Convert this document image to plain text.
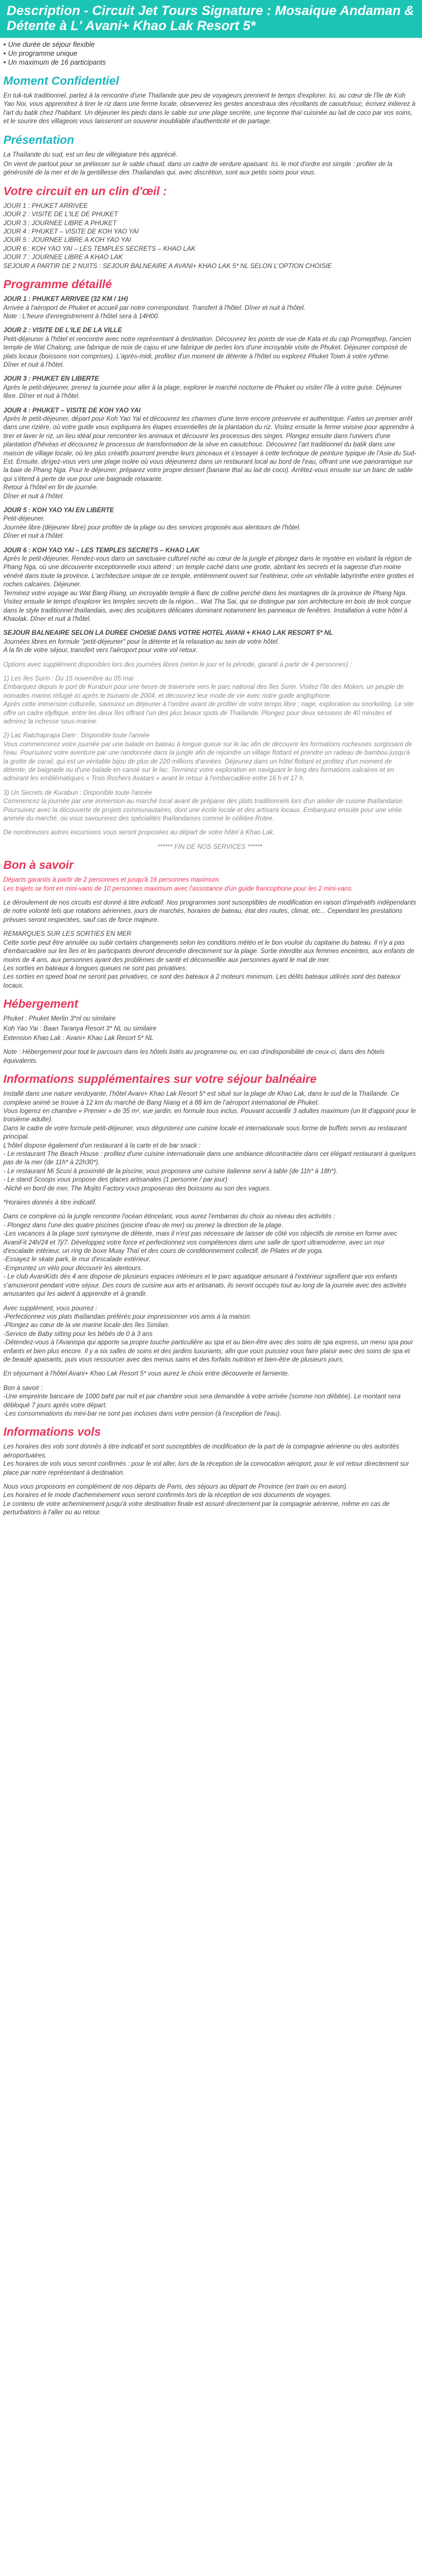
Description - Circuit Jet Tours Signature : Mosaique Andaman & Détente à L' Avani+ Khao Lak Resort 5*
• Une durée de séjour flexible
• Un programme unique
• Un maximum de 16 participants
Moment Confidentiel

En tuk-tuk traditionnel, partez à la rencontre d'une Thaïlande que peu de voyageurs prennent le temps d'explorer. Ici, au cœur de l'île de Koh Yao Noi, vous apprendrez à tirer le riz dans une ferme locale, observerez les gestes ancestraux des récoltants de caoutchouc, écrivez initierez à l'art du batik chez l'habitant. Un déjeuner les pieds dans le sable sur une plage secrète, une leçonne thaï cuisinée au lait de coco par vos soins, et le sourire des villageois vous laisseront un souvenir inoubliable d'authenticité et de partage.

Présentation

La Thaïlande du sud, est un lieu de villégiature très apprécié.

On vient de partout pour se prélasser sur le sable chaud, dans un cadre de verdure apaisant. Ici, le mot d'ordre est simple : profiter de la générosité de la mer et de la gentillesse des Thaïlandais qui, avec discrétion, sont aux petits soins pour vous.

Votre circuit en un clin d'œil :

JOUR 1 : PHUKET ARRIVEE

JOUR 2 : VISITE DE L'ILE DE PHUKET

JOUR 3 : JOURNEE LIBRE A PHUKET

JOUR 4 : PHUKET – VISITE DE KOH YAO YAI

JOUR 5 : JOURNEE LIBRE A KOH YAO YAI

JOUR 6 : KOH YAO YAI – LES TEMPLES SECRETS – KHAO LAK

JOUR 7 : JOURNEE LIBRE A KHAO LAK

SEJOUR A PARTIR DE 2 NUITS : SEJOUR BALNEAIRE A AVANI+ KHAO LAK 5* NL SELON L'OPTION CHOISIE

Programme détaillé

JOUR 1 : PHUKET ARRIVEE (32 KM / 1H)

Arrivée à l'aéroport de Phuket et accueil par notre correspondant. Transfert à l'hôtel. Dîner et nuit à l'hôtel.
Note : L'heure d'enregistrement à l'hôtel sera à 14H00.

JOUR 2 : VISITE DE L'ILE DE LA VILLE

Petit-déjeuner à l'hôtel et rencontre avec notre représentant à destination. Découvrez les points de vue de Kata et du cap Promepthep, l'ancien temple de Wat Chalong, une fabrique de noix de cajou et une fabrique de perles lors d'une incroyable visite de Phuket. Déjeuner composé de plats locaux (boissons non comprises). L'après-midi, profitez d'un moment de détente à l'hôtel ou explorez Phuket Town à votre rythme.
Dîner et nuit à l'hôtel.

JOUR 3 : PHUKET EN LIBERTE

Après le petit-déjeuner, prenez la journée pour aller à la plage, explorer le marché nocturne de Phuket ou visiter l'île à votre guise. Déjeuner libre. Dîner et nuit à l'hôtel.

JOUR 4 : PHUKET – VISITE DE KOH YAO YAI

Après le petit-déjeuner, départ pour Koh Yao Yai et découvrez les charmes d'une terre encore préservée et authentique. Faites un premier arrêt dans une rizière, où votre guide vous expliquera les étapes essentielles de la plantation du riz. Visitez ensuite la ferme voisine pour apprendre à tirer et laver le riz, un lieu idéal pour rencontrer les animaux et découvrir les processus des singes. Plongez ensuite dans l'univers d'une plantation d'hévéas et découvrez le processus de transformation de la sève en caoutchouc. Découvrez l'art traditionnel du batik dans une maison de village locale, où les plus créatifs pourront prendre leurs pinceaux et s'essayer à cette technique de peinture typique de l'Asie du Sud-Est. Ensuite, dirigez-vous vers une plage isolée où vous déjeunerez dans un restaurant local au bord de l'eau, offrant une vue panoramique sur la baie de Phang Nga. Pour le déjeuner, préparez votre propre dessert (banane thaï au lait de coco). Arrêtez-vous ensuite sur un banc de sable qui s'étend à perte de vue pour une baignade relaxante.
Retour à l'hôtel en fin de journée.
Dîner et nuit à l'hôtel.

JOUR 5 : KOH YAO YAI EN LIBERTE

Petit-déjeuner.
Journée libre (déjeuner libre) pour profiter de la plage ou des services proposés aux alentours de l'hôtel.
Dîner et nuit à l'hôtel.

JOUR 6 : KOH YAO YAI – LES TEMPLES SECRETS – KHAO LAK

Après le petit-déjeuner, Rendez-vous dans un sanctuaire culturel niché au cœur de la jungle et plongez dans le mystère en visitant la région de Phang Nga, où une découverte exceptionnelle vous attend : un temple caché dans une grotte, abritant les secrets et la sagesse d'un moine vénéré dans toute la province. L'architecture unique de ce temple, entièrement ouvert sur l'extérieur, crée un véritable labyrinthe entre grottes et roches calcaires. Déjeuner.
Terminez votre voyage au Wat Bang Riang, un incroyable temple à flanc de colline perché dans les montagnes de la province de Phang Nga. Visitez ensuite le temps d'explorer les temples secrets de la région... Wat Tha Sai, qui se distingue par son architecture en bois de teck conçue dans le style traditionnel thaïlandais, avec des sculptures délicates dominant notamment les panneaux de fenêtres. Installation à votre hôtel à Khaolak. Dîner et nuit à l'hôtel.

SEJOUR BALNEAIRE SELON LA DUREE CHOISIE DANS VOTRE HOTEL AVANI + KHAO LAK RESORT 5* NL

Journées libres en formule "petit-déjeuner" pour la détente et la relaxation au sein de votre hôtel.
A la fin de votre séjour, transfert vers l'aéroport pour votre vol retour.

Options avec supplément disponibles lors des journées libres (selon le jour et la période, garanti à partir de 4 personnes) :

1) Les Iles Surin : Du 15 novembre au 05 mai
Embarquez depuis le port de Kuraburi pour une heure de traversée vers le parc national des îles Surin. Visitez l'île des Moken, un peuple de nomades marins réfugié ici après le tsunami de 2004, et découvrez leur mode de vie avec notre guide anglophone.
Après cette immersion culturelle, savourez un déjeuner à l'ombre avant de profiter de votre temps libre : nage, exploration ou snorkeling. Le site offre un cadre idyllique, entre les deux îles offrant l'un des plus beaux spots de Thaïlande. Plongez pour deux sessions de 40 minutes et admirez la richesse sous-marine.

2) Lac Ratchaprapa Dam : Disponible toute l'année
Vous commencerez votre journée par une balade en bateau à longue queue sur le lac afin de découvrir les formations rocheuses surgissant de l'eau. Poursuivez votre aventure par une randonnée dans la jungle afin de rejoindre un village flottant et prendre un radeau de bambou jusqu'à la grotte de corail, qui est un véritable bijou de plus de 220 millions d'années. Déjeunez dans un hôtel flottant et profitez d'un moment de détente, de baignade ou d'une balade en canoë sur le lac. Terminez votre exploration en naviguant le long des formations calcaires et en admirant les emblématiques « Trois Rochers Avatars » avant le retour à l'embarcadère entre 16 h et 17 h.

3) Un Secrets de Kuraburi : Disponible toute l'année
Commencez la journée par une immersion au marché local avant de préparer des plats traditionnels lors d'un atelier de cuisine thaïlandaise. Poursuivez avec la découverte de projets communautaires, dont une école locale et des artisans locaux. Embarquez ensuite pour une virée animée du marché, où vous savourerez des spécialités thaïlandaises comme le célèbre Rotee.

De nombreuses autres excursions vous seront proposées au départ de votre hôtel à Khao Lak.

****** FIN DE NOS SERVICES ******

Bon à savoir

Départs garantis à partir de 2 personnes et jusqu'à 16 personnes maximum.
Les trajets se font en mini-vans de 10 personnes maximum avec l'assistance d'un guide francophone pour les 2 mini-vans.

Le déroulement de nos circuits est donné à titre indicatif. Nos programmes sont susceptibles de modification en raison d'impératifs indépendants de notre volonté tels que rotations aériennes, jours de marchés, horaires de bateau, état des routes, climat, etc... Cependant les prestations prévues seront respectées, sauf cas de force majeure.

REMARQUES SUR LES SORTIES EN MER
Cette sortie peut être annulée ou subir certains changements selon les conditions météo et le bon vouloir du capitaine du bateau. Il n'y a pas d'embarcadère sur les îles et les participants devront descendre directement sur la plage. Sortie interdite aux femmes enceintes, aux enfants de moins de 4 ans, aux personnes ayant des problèmes de santé et déconseillée aux personnes ayant le mal de mer.
Les sorties en bateaux à longues queues ne sont pas privatives.
Les sorties en speed boat ne seront pas privatives, ce sont des bateaux à 2 moteurs minimum. Les délits bateaux utilisés sont des bateaux locaux.

Hébergement

Phuket : Phuket Merlin 3*nl ou similaire

Koh Yao Yai : Baan Taranya Resort 3* NL ou similaire

Extension Khao Lak : Avani+ Khao Lak Resort 5* NL

Note : Hébergement pour tout le parcours dans les hôtels listés au programme ou, en cas d'indisponibilité de ceux-ci, dans des hôtels équivalents.

Informations supplémentaires sur votre séjour balnéaire

Installé dans une nature verdoyante, l'hôtel Avani+ Khao Lak Resort 5* est situé sur la plage de Khao Lak, dans le sud de la Thaïlande. Ce complexe animé se trouve à 12 km du marché de Bang Niang et à 88 km de l'aéroport international de Phuket.
Vous logerez en chambre « Premier » de 35 m², vue jardin, en formule tous inclus. Pouvant accueillir 3 adultes maximum (un lit d'appoint pour le troisième adulte).
Dans le cadre de votre formule petit-déjeuner, vous dégusterez une cuisine locale et internationale sous forme de buffets servis au restaurant principal.
L'hôtel dispose également d'un restaurant à la carte et de bar snack :
- Le restaurant The Beach House : profitez d'une cuisine internationale dans une ambiance décontractée dans cet élégant restaurant à quelques pas de la mer (de 11h* à 22h30*).
- Le restaurant Mi Scusi à proximité de la piscine, vous proposera une cuisine italienne servi à table (de 11h* à 18h*).
- Le stand Scoops vous propose des glaces artisanales (1 personne / par jour)
-Niché en bord de mer, The Mojito Factory vous proposeras des boissons au son des vagues.

*Horaires donnés à titre indicatif.

Dans ce complexe où la jungle rencontre l'océan étincelant, vous aurez l'embarras du choix au niveau des activités :
- Plongez dans l'une des quatre piscines (piscine d'eau de mer) ou prenez la direction de la plage.
-Les vacances à la plage sont synonyme de détente, mais il n'est pas nécessaire de laisser de côté vos objectifs de remise en forme avec AvaniFit 24h/24 et 7j/7. Développez votre force et perfectionnez vos compétences dans une salle de sport ultramoderne, avec un mur d'escalade intérieur, un ring de boxe Muay Thaï et des cours de conditionnement collectif, de Pilates et de yoga.
-Essayez le skate park, le mur d'escalade extérieur.
-Empruntez un vélo pour découvrir les alentours.
- Le club AvaniKids dès 4 ans dispose de plusieurs espaces intérieurs et le parc aquatique amusant à l'extérieur signifient que vos enfants s'amuseront pendant votre séjour. Des cours de cuisine aux arts et artisanats, ils seront occupés tout au long de la journée avec des activités amusantes qui les aident à apprendre et à grandir.

Avec supplément, vous pourrez :
-Perfectionnez vos plats thaïlandais préférés pour impressionner vos amis à la maison.
-Plongez au cœur de la vie marine locale des îles Similan.
-Service de Baby sitting pour les bébés de 0 à 3 ans
-Détendez-vous à l'Avanispa qui apporte sa propre touche particulière au spa et au bien-être avec des soins de spa express, un menu spa pour enfants et bien plus encore. Il y a six salles de soins et des jardins luxuriants, afin que vous puissiez vous faire plaisir avec des soins de spa et de beauté apaisants, puis vous ressourcer avec des menus sains et des forfaits nutrition et bien-être de plusieurs jours.

En séjournant à l'hôtel Avani+ Khao Lak Resort 5* vous aurez le choix entre découverte et farniente.

Bon à savoir :
-Une empreinte bancaire de 1000 baht par nuit et par chambre vous sera demandée à votre arrivée (somme non débitée). Le montant sera débloqué 7 jours après votre départ.
-Les consommations du mini-bar ne sont pas incluses dans votre pension (à l'exception de l'eau).

Informations vols

Les horaires des vols sont donnés à titre indicatif et sont susceptibles de modification de la part de la compagnie aérienne ou des autorités aéroportuaires.
Les horaires de vols vous seront confirmés : pour le vol aller, lors de la réception de la convocation aéroport, pour le vol retour directement sur place par notre représentant à destination.

Nous vous proposons en complément de nos départs de Paris, des séjours au départ de Province (en train ou en avion).
Les horaires et le mode d'acheminement vous seront confirmés lors de la réception de vos documents de voyages.
Le contenu de votre acheminement jusqu'à votre destination finale est assuré directement par la compagnie aérienne, même en cas de perturbations à l'aller ou au retour.
